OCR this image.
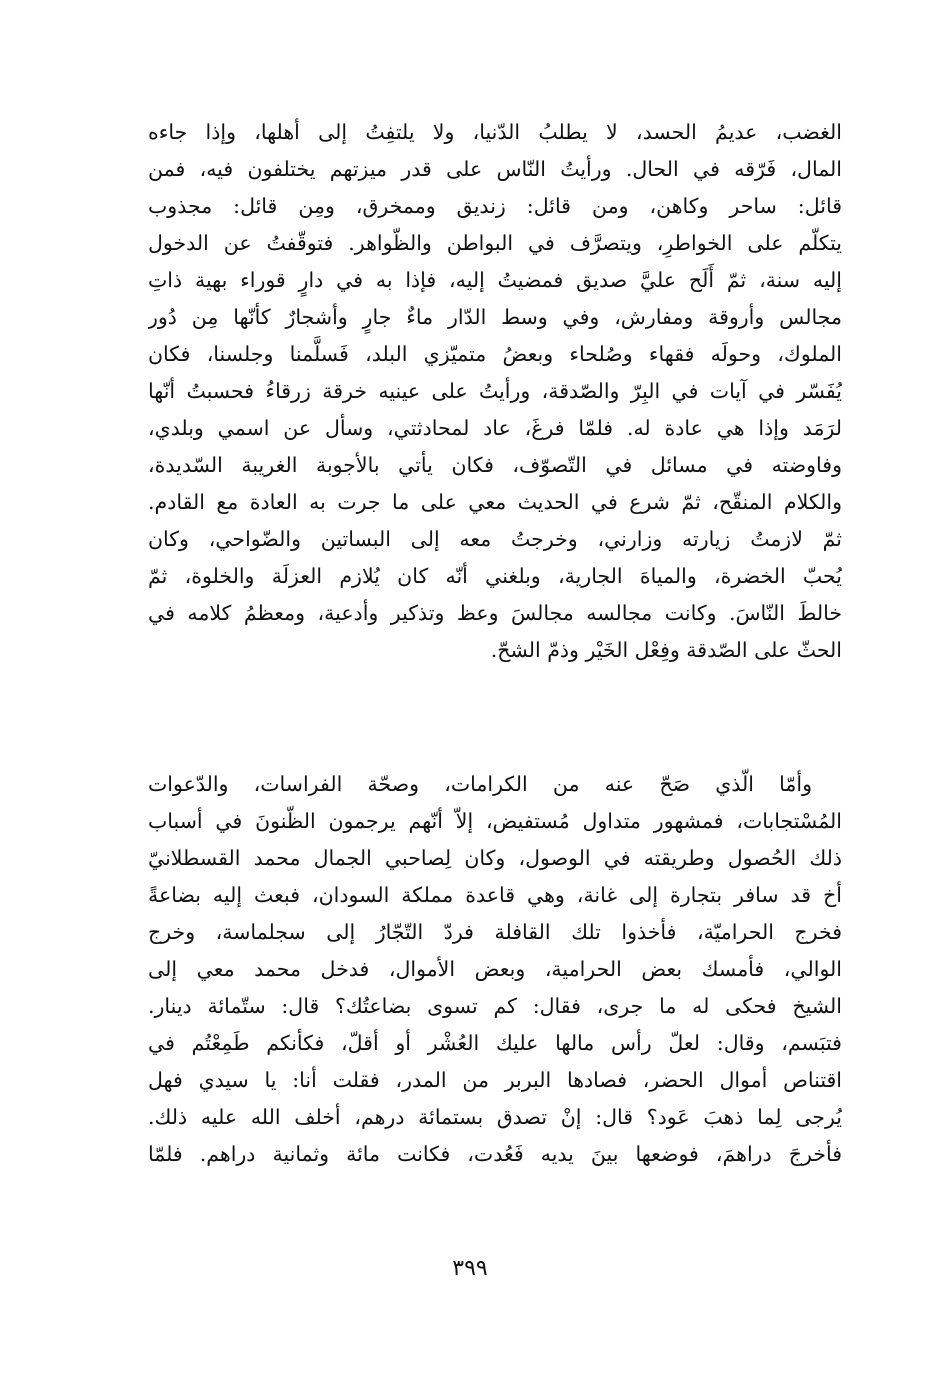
الغضب، عديمُ الحسد، لا يطلبُ الدّنيا، ولا يلتفِتُ إلى أهلها، وإذا جاءه
المال، فَرّقه في الحال. ورأيتُ النّاس على قدر ميزتهم يختلفون فيه، فمن
قائل: ساحر وكاهن، ومن قائل: زنديق وممخرق، ومِن قائل: مجذوب
يتكلّم على الخواطرِ، ويتصرَّف في البواطن والظّواهر. فتوقّفتُ عن الدخول
إليه سنة، ثمّ أَلَح عليَّ صديق فمضيتُ إليه، فإذا به في دارٍ قوراء بهية ذاتِ
مجالس وأروقة ومفارش، وفي وسط الدّار ماءٌ جارٍ وأشجارٌ كأنّها مِن دُور
الملوك، وحولَه فقهاء وصُلحاء وبعضُ متميّزي البلد، فَسلَّمنا وجلسنا، فكان
يُفَسّر في آيات في البِرّ والصّدقة، ورأيتُ على عينيه خرقة زرقاءُ فحسبتُ أنّها
لرَمَد وإذا هي عادة له. فلمّا فرغَ، عاد لمحادثتي، وسأل عن اسمي وبلدي،
وفاوضته في مسائل في التّصوّف، فكان يأتي بالأجوبة الغريبة السّديدة،
والكلام المنقّح، ثمّ شرع في الحديث معي على ما جرت به العادة مع القادم.
ثمّ لازمتُ زيارته وزارني، وخرجتُ معه إلى البساتين والضّواحي، وكان
يُحبّ الخضرة، والمياهَ الجارية، وبلغني أنّه كان يُلازم العزلَة والخلوة، ثمّ
خالطَ النّاسَ. وكانت مجالسه مجالسَ وعظ وتذكير وأدعية، ومعظمُ كلامه في
الحثّ على الصّدقة وفِعْل الخَيْر وذمّ الشحّ.
وأمّا الّذي صَحّ عنه من الكرامات، وصحّة الفراسات، والدّعوات
المُسْتجابات، فمشهور متداول مُستفيض، إلاّ أنّهم يرجمون الظّنونَ في أسباب
ذلك الحُصول وطريقته في الوصول، وكان لِصاحبي الجمال محمد القسطلانيّ
أخ قد سافر بتجارة إلى غانة، وهي قاعدة مملكة السودان، فبعث إليه بضاعةً
فخرج الحراميّة، فأخذوا تلك القافلة فردّ التّجّارُ إلى سجلماسة، وخرج
الوالي، فأمسك بعض الحرامية، وبعض الأموال، فدخل محمد معي إلى
الشيخ فحكى له ما جرى، فقال: كم تسوى بضاعتُك؟ قال: ستّمائة دينار.
فتبَسم، وقال: لعلّ رأس مالها عليك العُشْر أو أقلّ، فكأنكم طَمِعْتُم في
اقتناص أموال الحضر، فصادها البربر من المدر، فقلت أنا: يا سيدي فهل
يُرجى لِما ذهبَ عَود؟ قال: إنْ تصدق بستمائة درهم، أخلف الله عليه ذلك.
فأخرجَ دراهمَ، فوضعها بينَ يديه فَعُدت، فكانت مائة وثمانية دراهم. فلمّا
٣٩٩
